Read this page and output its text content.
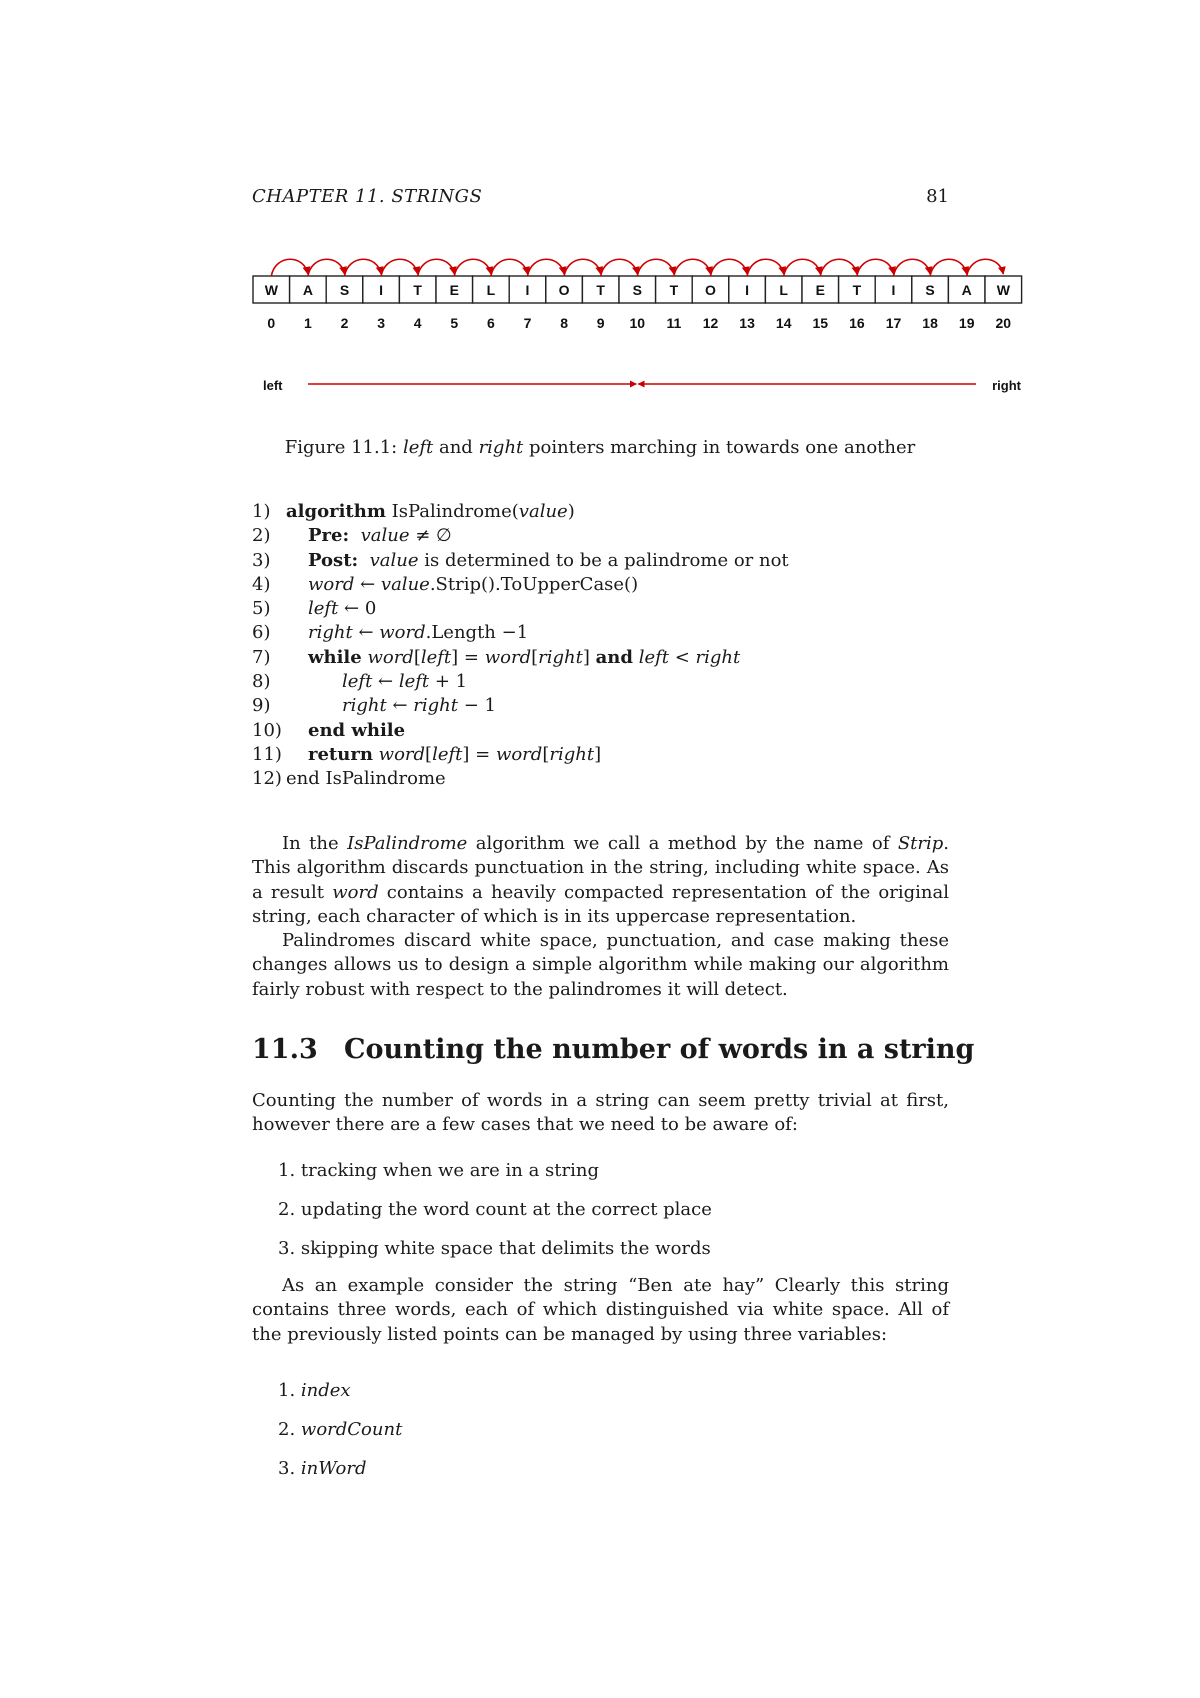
CHAPTER 11. STRINGS	81
W
0
A
1
S
2
I
3
T
4
E
5
L
6
I
7
O
8
T
9
S
10
T
11
O
12
I
13
L
14
E
15
T
16
I
17
S
18
A
19
W
20
left	right
Figure 11.1: left and right pointers marching in towards one another
1) algorithm IsPalindrome(value)
2) Pre: value ≠ ∅
3) Post: value is determined to be a palindrome or not
4) word ← value.Strip().ToUpperCase()
5) left ← 0
6) right ← word.Length −1
7) while word[left] = word[right] and left < right
8)	left ← left + 1
9)	right ← right − 1
10) end while
11) return word[left] = word[right]
12) end IsPalindrome
In the IsPalindrome algorithm we call a method by the name of Strip. This algorithm discards punctuation in the string, including white space. As a result word contains a heavily compacted representation of the original string, each character of which is in its uppercase representation.
Palindromes discard white space, punctuation, and case making these changes allows us to design a simple algorithm while making our algorithm fairly robust with respect to the palindromes it will detect.
11.3 Counting the number of words in a string
Counting the number of words in a string can seem pretty trivial at first, however there are a few cases that we need to be aware of:
1. tracking when we are in a string
2. updating the word count at the correct place
3. skipping white space that delimits the words
As an example consider the string “Ben ate hay” Clearly this string contains three words, each of which distinguished via white space. All of the previously listed points can be managed by using three variables:
1. index
2. wordCount
3. inWord
